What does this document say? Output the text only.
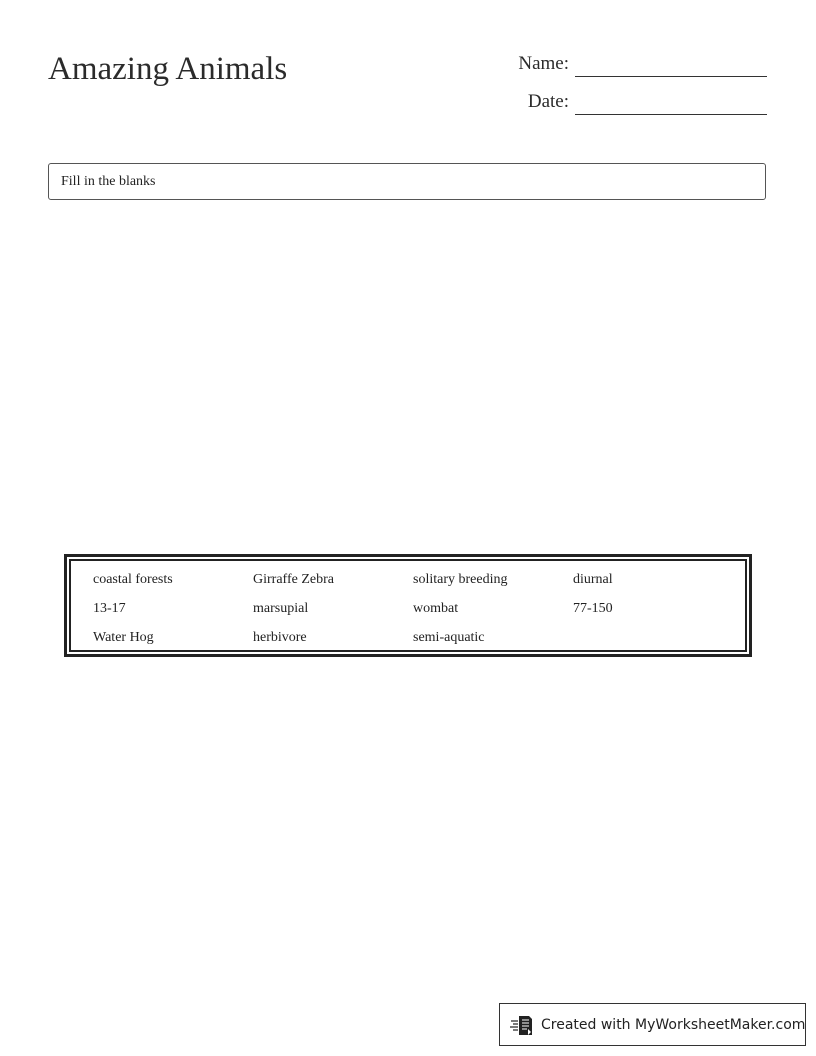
Amazing Animals	Name:
Date:
Fill in the blanks
coastal forests	Girraffe Zebra	solitary breeding	diurnal
13-17	marsupial	wombat	77-150
Water Hog	herbivore	semi-aquatic
Created with MyWorksheetMaker.com
